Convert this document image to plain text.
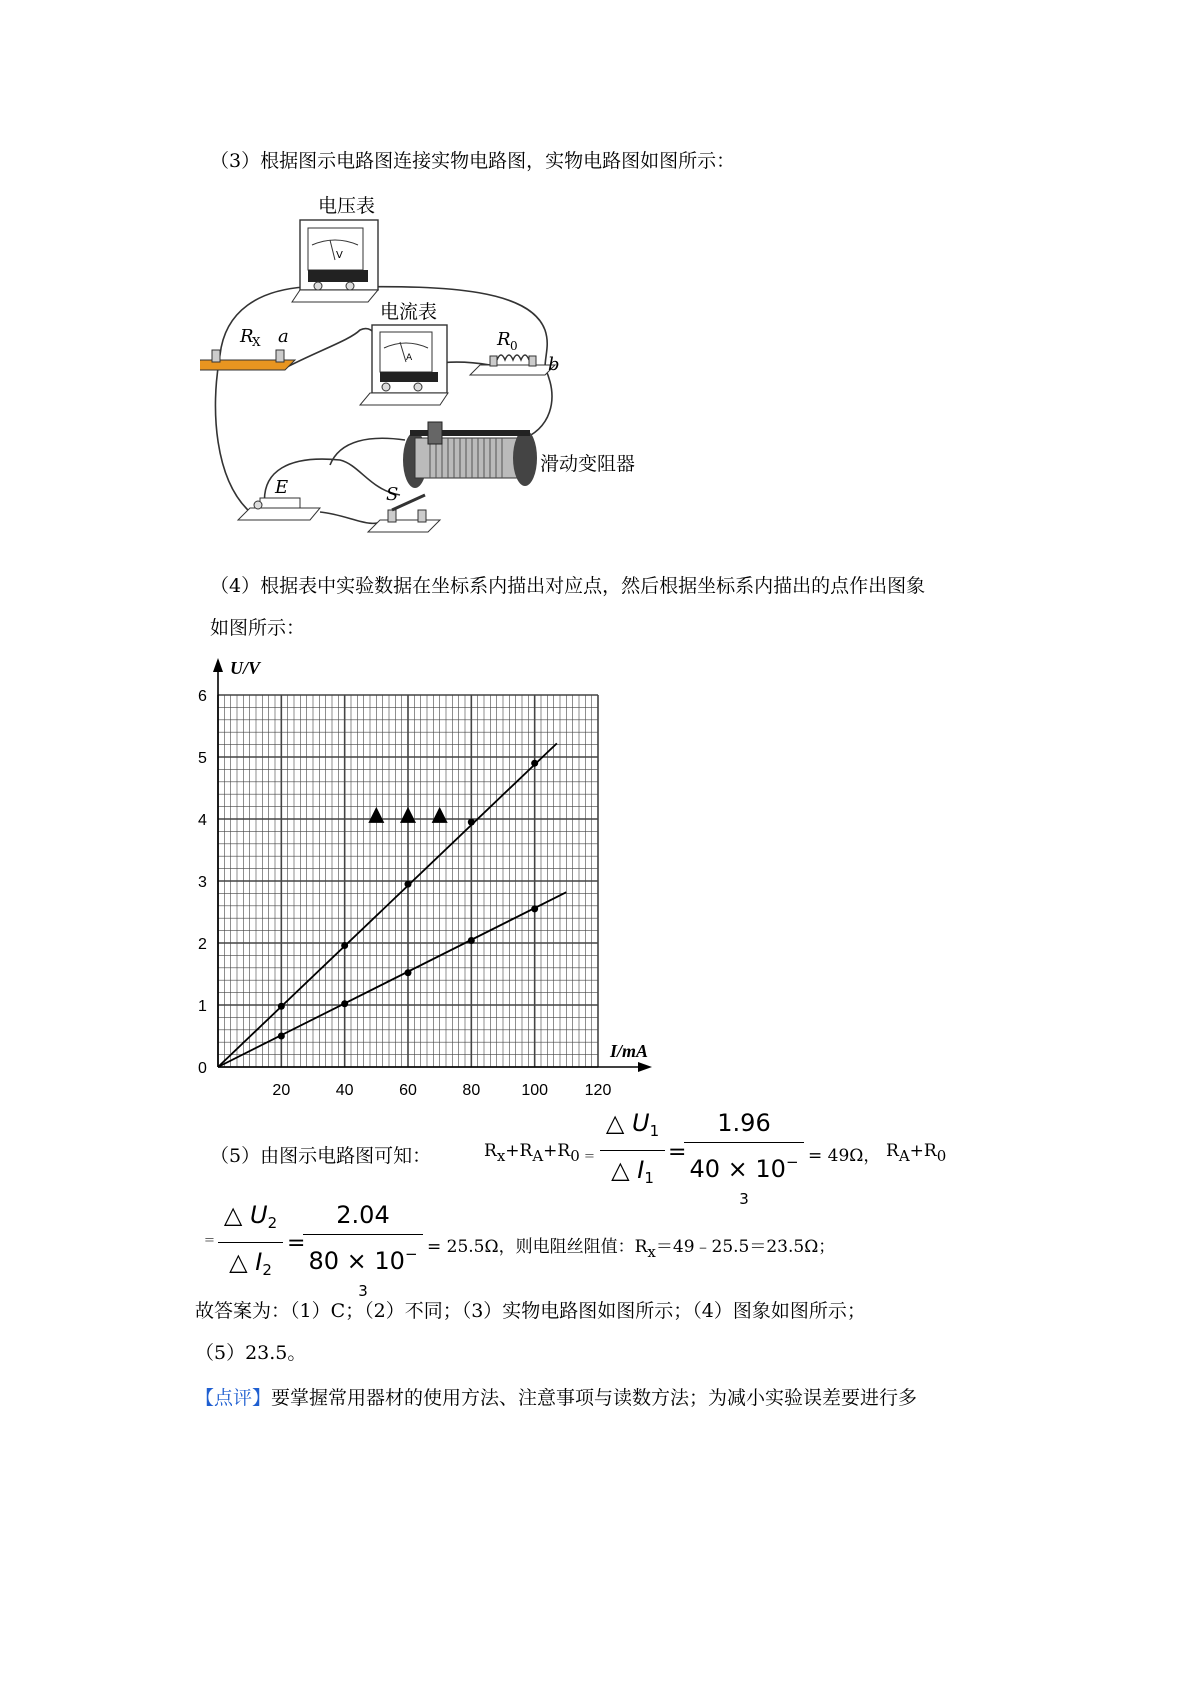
（3）根据图示电路图连接实物电路图，实物电路图如图所示：
R
X a
电压表
V
电流表
A
R 0
b
滑动变阻器
E	S
（4）根据表中实验数据在坐标系内描出对应点，然后根据坐标系内描出的点作出图象
如图所示：
0
1
2
3
4
5
6
20	40	60	80	100 120
U/V
I/mA
（5）由图示电路图可知：	Rx+RA+R0 =
△ $U_1$
△ $I_1$
=
1.96
$40 \times 10^{- 3}$
= 49Ω， RA+R0
=
△ $U_2$
△ $I_2$
=
2.04
$80 \times 10^{- 3}$
= 25.5Ω，则电阻丝阻值：Rx＝49﹣25.5＝23.5Ω；
故答案为：（1）C；（2）不同；（3）实物电路图如图所示；（4）图象如图所示；
（5）23.5。
【点评】要掌握常用器材的使用方法、注意事项与读数方法；为减小实验误差要进行多
